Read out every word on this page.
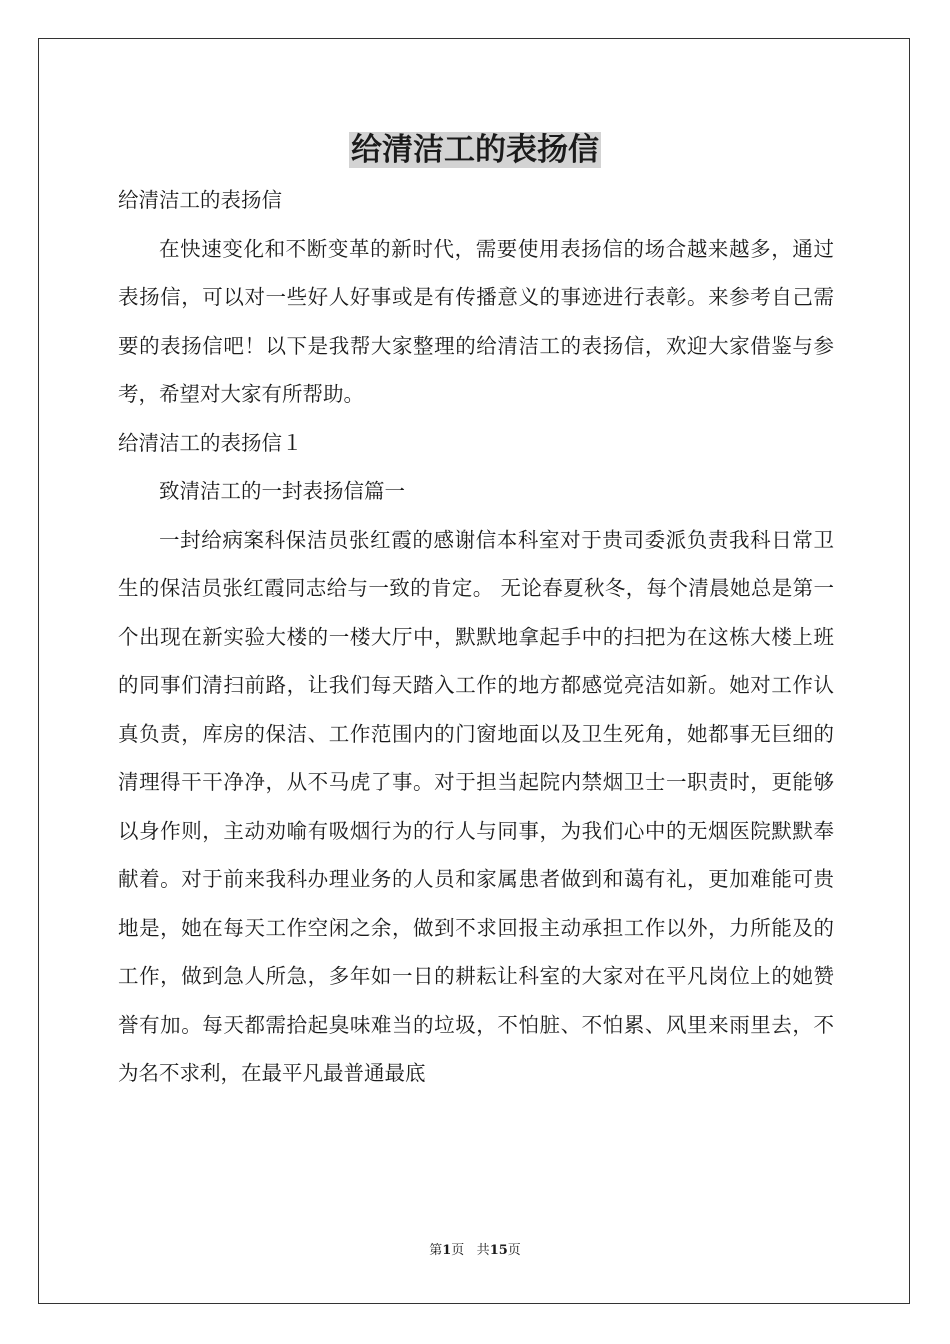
给清洁工的表扬信

给清洁工的表扬信

在快速变化和不断变革的新时代，需要使用表扬信的场合越来越多，通过表扬信，可以对一些好人好事或是有传播意义的事迹进行表彰。来参考自己需要的表扬信吧！以下是我帮大家整理的给清洁工的表扬信，欢迎大家借鉴与参考，希望对大家有所帮助。

给清洁工的表扬信１

致清洁工的一封表扬信篇一

一封给病案科保洁员张红霞的感谢信本科室对于贵司委派负责我科日常卫生的保洁员张红霞同志给与一致的肯定。 无论春夏秋冬，每个清晨她总是第一个出现在新实验大楼的一楼大厅中，默默地拿起手中的扫把为在这栋大楼上班的同事们清扫前路，让我们每天踏入工作的地方都感觉亮洁如新。她对工作认真负责，库房的保洁、工作范围内的门窗地面以及卫生死角，她都事无巨细的清理得干干净净，从不马虎了事。对于担当起院内禁烟卫士一职责时，更能够以身作则，主动劝喻有吸烟行为的行人与同事，为我们心中的无烟医院默默奉献着。对于前来我科办理业务的人员和家属患者做到和蔼有礼，更加难能可贵地是，她在每天工作空闲之余，做到不求回报主动承担工作以外，力所能及的工作，做到急人所急，多年如一日的耕耘让科室的大家对在平凡岗位上的她赞誉有加。每天都需拾起臭味难当的垃圾，不怕脏、不怕累、风里来雨里去，不为名不求利，在最平凡最普通最底

第1页 共15页
